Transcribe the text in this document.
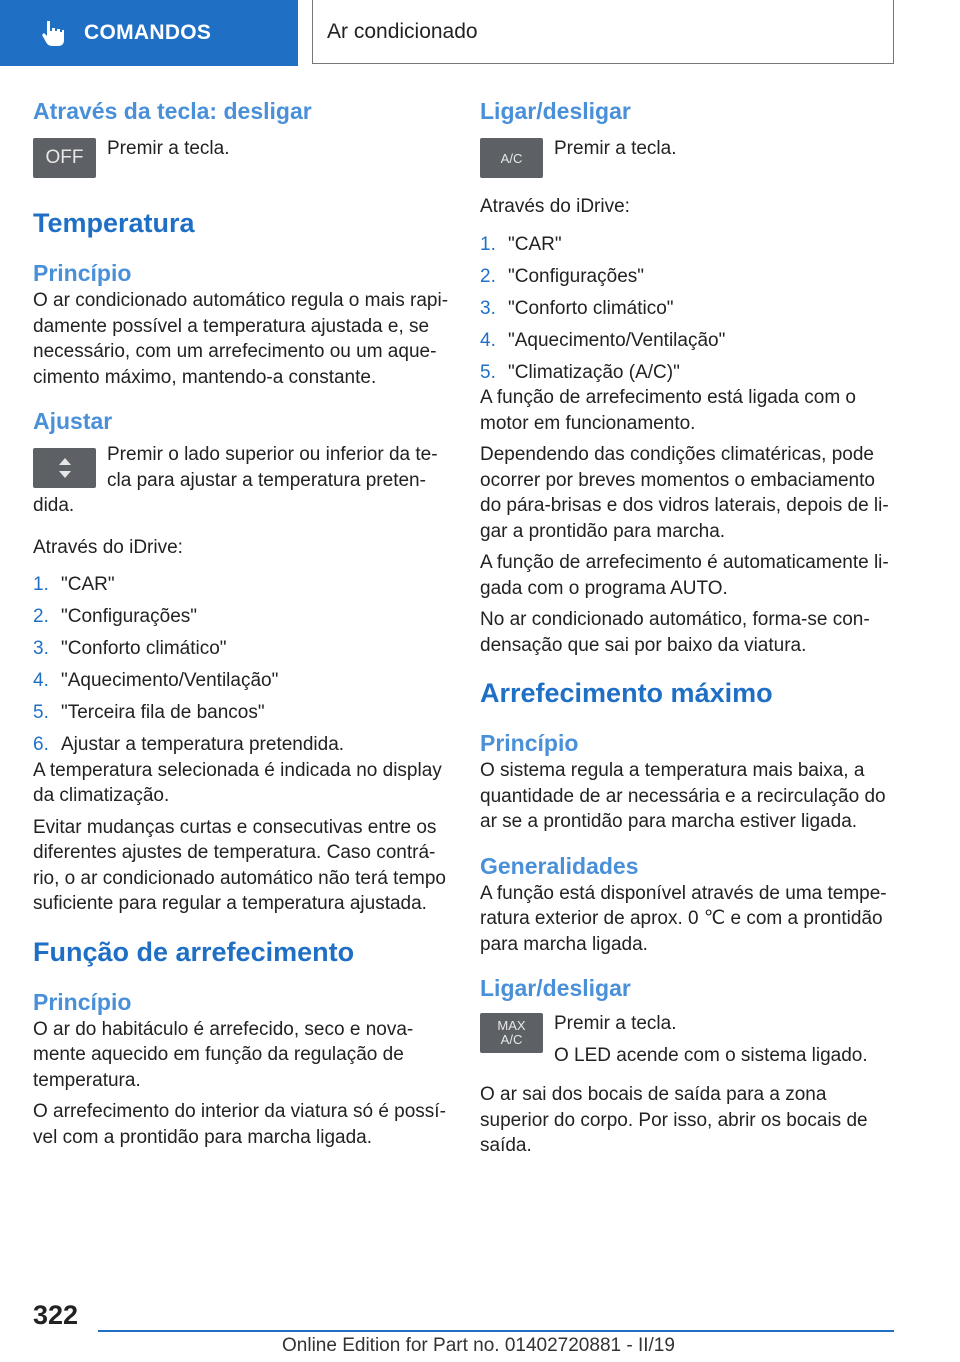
COMANDOS	Ar condicionado
Através da tecla: desligar
OFF	Premir a tecla.

Temperatura
Princípio

O ar condicionado automático regula o mais rapi-damente possível a temperatura ajustada e, se necessário, com um arrefecimento ou um aque-cimento máximo, mantendo-a constante.

Ajustar

Premir o lado superior ou inferior da te-cla para ajustar a temperatura preten-dida.

Através do iDrive:

1. "CAR"
2. "Configurações"
3. "Conforto climático"
4. "Aquecimento/Ventilação"
5. "Terceira fila de bancos"
6. Ajustar a temperatura pretendida.

A temperatura selecionada é indicada no display da climatização.

Evitar mudanças curtas e consecutivas entre os diferentes ajustes de temperatura. Caso contrá-rio, o ar condicionado automático não terá tempo suficiente para regular a temperatura ajustada.

Função de arrefecimento
Princípio

O ar do habitáculo é arrefecido, seco e nova-mente aquecido em função da regulação de temperatura.

O arrefecimento do interior da viatura só é possí-vel com a prontidão para marcha ligada.

Ligar/desligar
A/C	Premir a tecla.

Através do iDrive:

1. "CAR"
2. "Configurações"
3. "Conforto climático"
4. "Aquecimento/Ventilação"
5. "Climatização (A/C)"

A função de arrefecimento está ligada com o motor em funcionamento.

Dependendo das condições climatéricas, pode ocorrer por breves momentos o embaciamento do pára-brisas e dos vidros laterais, depois de li-gar a prontidão para marcha.

A função de arrefecimento é automaticamente li-gada com o programa AUTO.

No ar condicionado automático, forma-se con-densação que sai por baixo da viatura.

Arrefecimento máximo
Princípio

O sistema regula a temperatura mais baixa, a quantidade de ar necessária e a recirculação do ar se a prontidão para marcha estiver ligada.

Generalidades

A função está disponível através de uma tempe-ratura exterior de aprox. 0 ℃ e com a prontidão para marcha ligada.

Ligar/desligar
MAX
A/C

Premir a tecla.

O LED acende com o sistema ligado.

O ar sai dos bocais de saída para a zona superior do corpo. Por isso, abrir os bocais de saída.

322
Online Edition for Part no. 01402720881 - II/19
